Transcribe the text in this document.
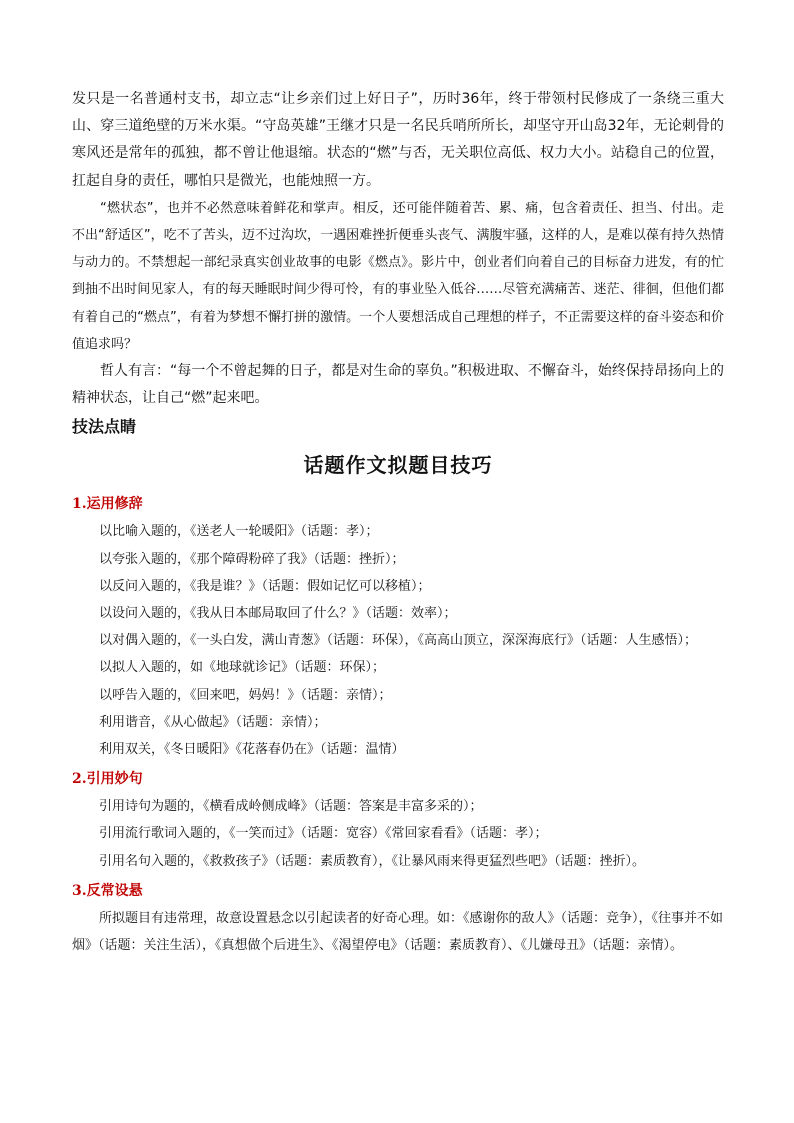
发只是一名普通村支书，却立志“让乡亲们过上好日子”，历时36年，终于带领村民修成了一条绕三重大山、穿三道绝壁的万米水渠。“守岛英雄”王继才只是一名民兵哨所所长，却坚守开山岛32年，无论刺骨的寒风还是常年的孤独，都不曾让他退缩。状态的“燃”与否，无关职位高低、权力大小。站稳自己的位置，扛起自身的责任，哪怕只是微光，也能烛照一方。

“燃状态”，也并不必然意味着鲜花和掌声。相反，还可能伴随着苦、累、痛，包含着责任、担当、付出。走不出“舒适区”，吃不了苦头，迈不过沟坎，一遇困难挫折便垂头丧气、满腹牢骚，这样的人，是难以葆有持久热情与动力的。不禁想起一部纪录真实创业故事的电影《燃点》。影片中，创业者们向着自己的目标奋力进发，有的忙到抽不出时间见家人，有的每天睡眠时间少得可怜，有的事业坠入低谷……尽管充满痛苦、迷茫、徘徊，但他们都有着自己的“燃点”，有着为梦想不懈打拼的激情。一个人要想活成自己理想的样子，不正需要这样的奋斗姿态和价值追求吗？

哲人有言：“每一个不曾起舞的日子，都是对生命的辜负。”积极进取、不懈奋斗，始终保持昂扬向上的精神状态，让自己“燃”起来吧。

技法点睛

话题作文拟题目技巧

1.运用修辞

以比喻入题的，《送老人一轮暖阳》（话题：孝）；

以夸张入题的，《那个障碍粉碎了我》（话题：挫折）；

以反问入题的，《我是谁？》（话题：假如记忆可以移植）；

以设问入题的，《我从日本邮局取回了什么？》（话题：效率）；

以对偶入题的，《一头白发，满山青葱》（话题：环保），《高高山顶立，深深海底行》（话题：人生感悟）；

以拟人入题的，如《地球就诊记》（话题：环保）；

以呼告入题的，《回来吧，妈妈！》（话题：亲情）；

利用谐音，《从心做起》（话题：亲情）；

利用双关，《冬日暖阳》《花落春仍在》（话题：温情）

2.引用妙句

引用诗句为题的，《横看成岭侧成峰》（话题：答案是丰富多采的）；

引用流行歌词入题的，《一笑而过》（话题：宽容）《常回家看看》（话题：孝）；

引用名句入题的，《救救孩子》（话题：素质教育），《让暴风雨来得更猛烈些吧》（话题：挫折）。

3.反常设悬

所拟题目有违常理，故意设置悬念以引起读者的好奇心理。如：《感谢你的敌人》（话题：竞争），《往事并不如烟》（话题：关注生活），《真想做个后进生》、《渴望停电》（话题：素质教育）、《儿嫌母丑》（话题：亲情）。
